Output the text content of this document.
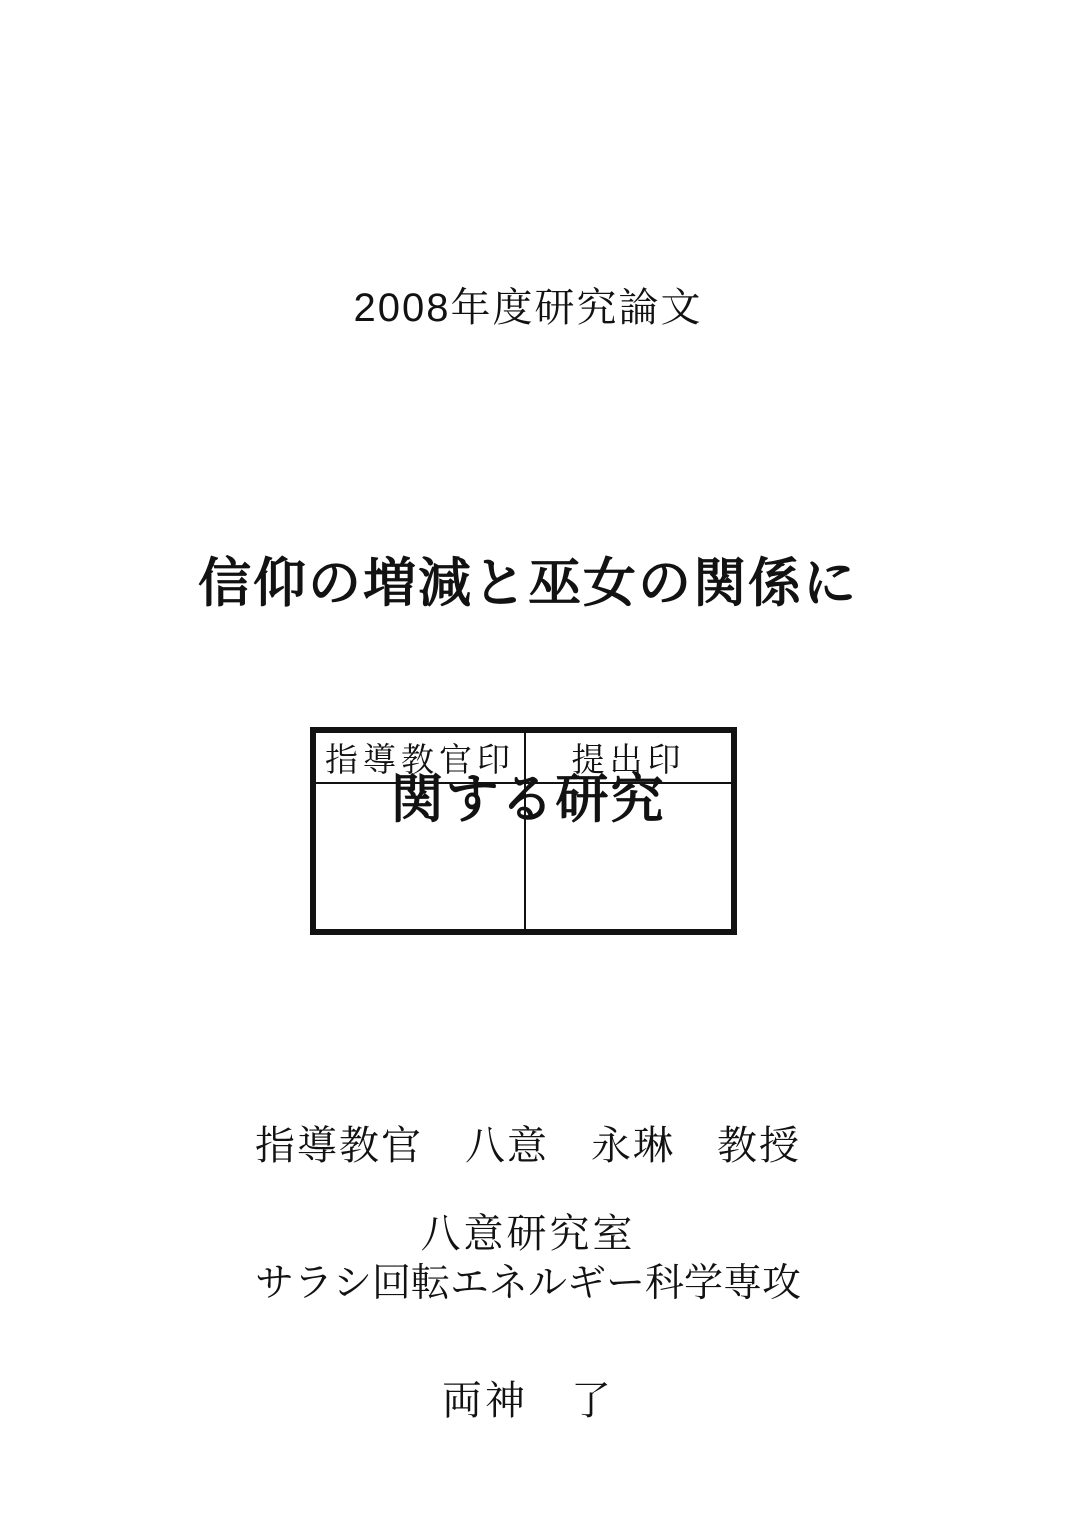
2008年度研究論文

信仰の増減と巫女の関係に

関する研究

指導教官印	提出印
指導教官　八意　永琳　教授
八意研究室
サラシ回転エネルギー科学専攻
両神　了
